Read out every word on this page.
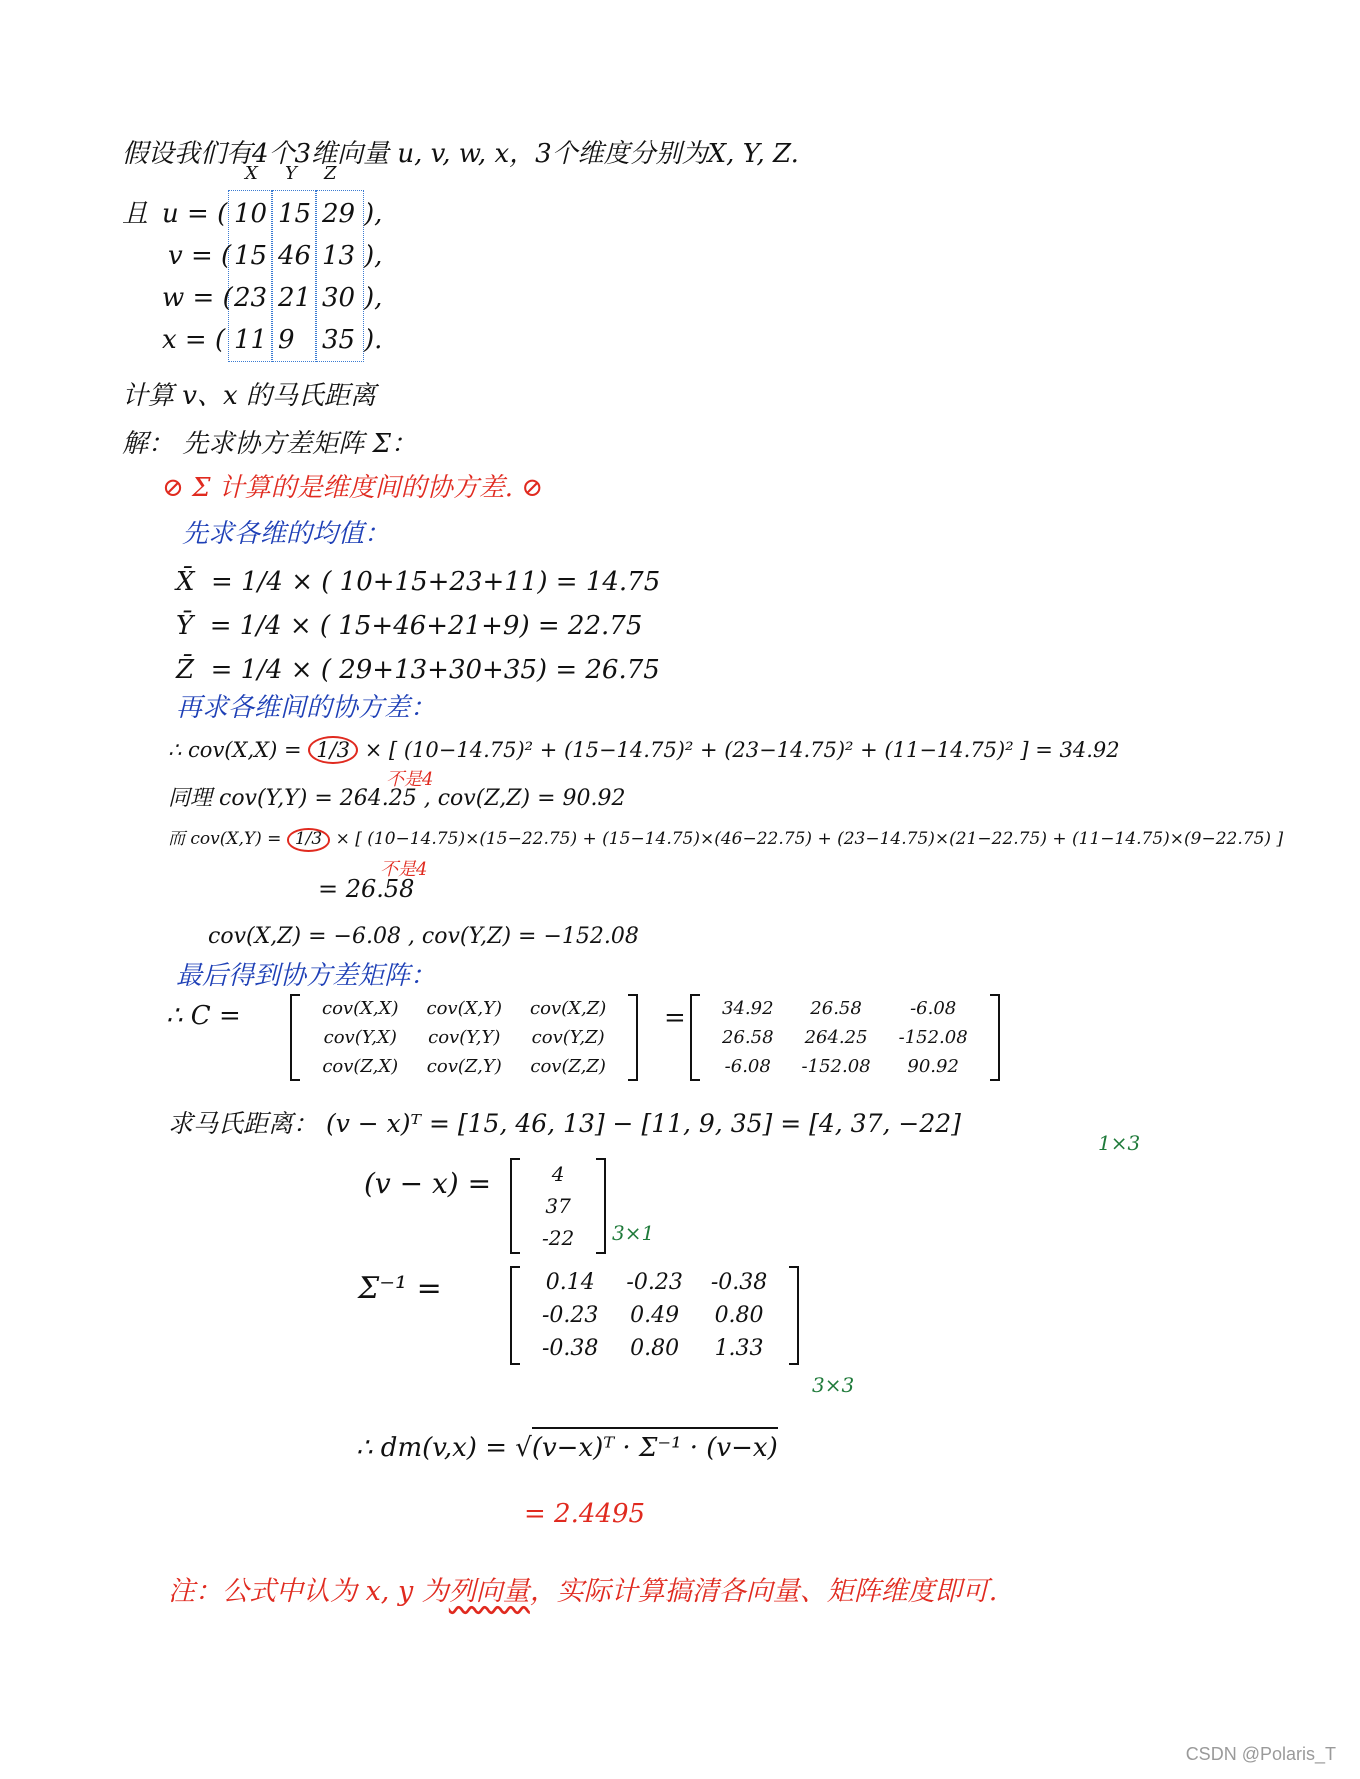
假设我们有4个3维向量 u, v, w, x，3个维度分别为X, Y, Z.
X Y Z
且 u = ( 10 15 29 ),
v = ( 15 46 13 ),
w = ( 23 21 30 ),
x = ( 11 9 35 ).
计算 v、x 的马氏距离
解： 先求协方差矩阵 Σ：
⊘ Σ 计算的是维度间的协方差. ⊘
先求各维的均值：
X̄ = 1/4 × ( 10+15+23+11) = 14.75
Ȳ = 1/4 × ( 15+46+21+9) = 22.75
Z̄ = 1/4 × ( 29+13+30+35) = 26.75
再求各维间的协方差：
∴ cov(X,X) = 1/3 × [ (10−14.75)² + (15−14.75)² + (23−14.75)² + (11−14.75)² ] = 34.92
不是4
同理 cov(Y,Y) = 264.25 , cov(Z,Z) = 90.92
而 cov(X,Y) = 1/3 × [ (10−14.75)×(15−22.75) + (15−14.75)×(46−22.75) + (23−14.75)×(21−22.75) + (11−14.75)×(9−22.75) ]
不是4
= 26.58
cov(X,Z) = −6.08 , cov(Y,Z) = −152.08
最后得到协方差矩阵：
∴ C =	cov(X,X)	cov(X,Y)	cov(X,Z)
cov(Y,X)	cov(Y,Y)	cov(Y,Z)
cov(Z,X)	cov(Z,Y)	cov(Z,Z)
= 34.92	26.58	-6.08
26.58	264.25	-152.08
-6.08	-152.08	90.92
求马氏距离： (v − x)ᵀ = [15, 46, 13] − [11, 9, 35] = [4, 37, −22]
1×3
(v − x) =	4
37
-22 3×1
Σ⁻¹ =	0.14	-0.23	-0.38
-0.23	0.49	0.80
-0.38	0.80	1.33
3×3
∴ dm(v,x) = √(v−x)ᵀ · Σ⁻¹ · (v−x)
= 2.4495
注：公式中认为 x, y 为列向量，实际计算搞清各向量、矩阵维度即可.
CSDN @Polaris_T
